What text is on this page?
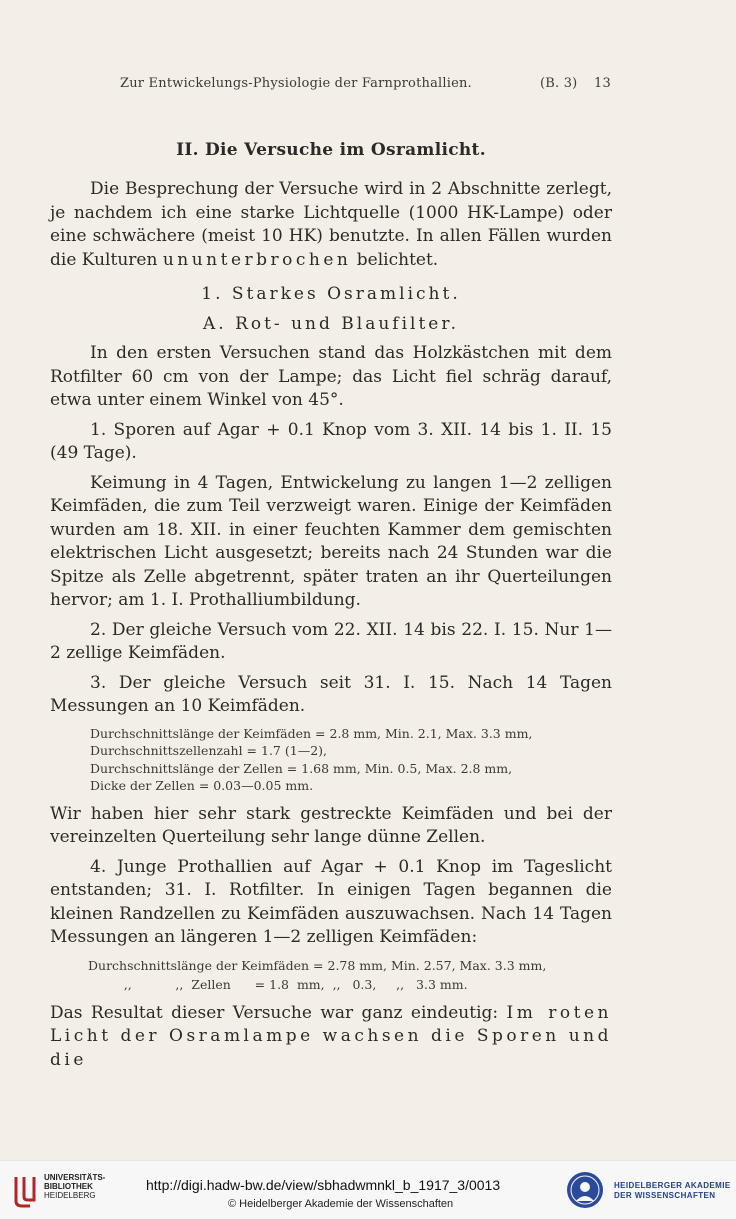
Zur Entwickelungs-Physiologie der Farnprothallien.	(B. 3) 13

II. Die Versuche im Osramlicht.

Die Besprechung der Versuche wird in 2 Abschnitte zerlegt, je nachdem ich eine starke Lichtquelle (1000 HK-Lampe) oder eine schwächere (meist 10 HK) benutzte. In allen Fällen wurden die Kulturen ununterbrochen belichtet.

1. Starkes Osramlicht.

A. Rot- und Blaufilter.

In den ersten Versuchen stand das Holzkästchen mit dem Rotfilter 60 cm von der Lampe; das Licht fiel schräg darauf, etwa unter einem Winkel von 45°.

1. Sporen auf Agar + 0.1 Knop vom 3. XII. 14 bis 1. II. 15 (49 Tage).

Keimung in 4 Tagen, Entwickelung zu langen 1—2 zelligen Keimfäden, die zum Teil verzweigt waren. Einige der Keimfäden wurden am 18. XII. in einer feuchten Kammer dem gemischten elektrischen Licht ausgesetzt; bereits nach 24 Stunden war die Spitze als Zelle abgetrennt, später traten an ihr Querteilungen hervor; am 1. I. Prothalliumbildung.

2. Der gleiche Versuch vom 22. XII. 14 bis 22. I. 15. Nur 1—2 zellige Keimfäden.

3. Der gleiche Versuch seit 31. I. 15. Nach 14 Tagen Messungen an 10 Keimfäden.

Durchschnittslänge der Keimfäden = 2.8 mm, Min. 2.1, Max. 3.3 mm,
Durchschnittszellenzahl = 1.7 (1—2),
Durchschnittslänge der Zellen = 1.68 mm, Min. 0.5, Max. 2.8 mm,
Dicke der Zellen = 0.03—0.05 mm.

Wir haben hier sehr stark gestreckte Keimfäden und bei der vereinzelten Querteilung sehr lange dünne Zellen.

4. Junge Prothallien auf Agar + 0.1 Knop im Tageslicht entstanden; 31. I. Rotfilter. In einigen Tagen begannen die kleinen Randzellen zu Keimfäden auszuwachsen. Nach 14 Tagen Messungen an längeren 1—2 zelligen Keimfäden:

Durchschnittslänge der Keimfäden = 2.78 mm, Min. 2.57, Max. 3.3 mm,
,,           ,,  Zellen      = 1.8  mm,  ,,   0.3,     ,,   3.3 mm.

Das Resultat dieser Versuche war ganz eindeutig: Im roten Licht der Osramlampe wachsen die Sporen und die

UNIVERSITÄTS-
BIBLIOTHEK
HEIDELBERG
http://digi.hadw-bw.de/view/sbhadwmnkl_b_1917_3/0013
© Heidelberger Akademie der Wissenschaften
HEIDELBERGER AKADEMIE
DER WISSENSCHAFTEN
